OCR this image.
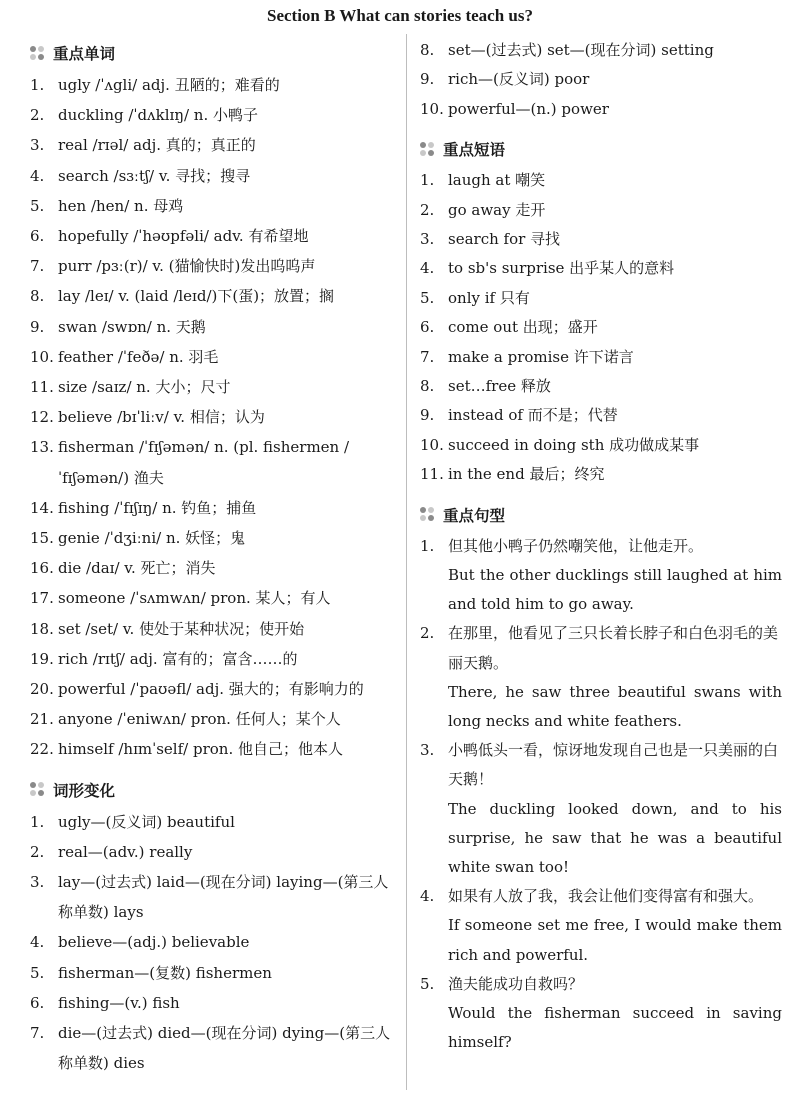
Section B What can stories teach us?
重点单词
1. ugly /ˈʌgli/ adj. 丑陋的；难看的
2. duckling /ˈdʌklɪŋ/ n. 小鸭子
3. real /rɪəl/ adj. 真的；真正的
4. search /sɜːtʃ/ v. 寻找；搜寻
5. hen /hen/ n. 母鸡
6. hopefully /ˈhəʊpfəli/ adv. 有希望地
7. purr /pɜː(r)/ v. (猫愉快时)发出呜呜声
8. lay /leɪ/ v. (laid /leɪd/)下(蛋)；放置；搁
9. swan /swɒn/ n. 天鹅
10. feather /ˈfeðə/ n. 羽毛
11. size /saɪz/ n. 大小；尺寸
12. believe /bɪˈliːv/ v. 相信；认为
13. fisherman /ˈfɪʃəmən/ n. (pl. fishermen /ˈfɪʃəmən/) 渔夫
14. fishing /ˈfɪʃɪŋ/ n. 钓鱼；捕鱼
15. genie /ˈdʒiːni/ n. 妖怪；鬼
16. die /daɪ/ v. 死亡；消失
17. someone /ˈsʌmwʌn/ pron. 某人；有人
18. set /set/ v. 使处于某种状况；使开始
19. rich /rɪtʃ/ adj. 富有的；富含……的
20. powerful /ˈpaʊəfl/ adj. 强大的；有影响力的
21. anyone /ˈeniwʌn/ pron. 任何人；某个人
22. himself /hɪmˈself/ pron. 他自己；他本人
词形变化
1. ugly—(反义词) beautiful
2. real—(adv.) really
3. lay—(过去式) laid—(现在分词) laying—(第三人称单数) lays
4. believe—(adj.) believable
5. fisherman—(复数) fishermen
6. fishing—(v.) fish
7. die—(过去式) died—(现在分词) dying—(第三人称单数) dies
8. set—(过去式) set—(现在分词) setting
9. rich—(反义词) poor
10. powerful—(n.) power
重点短语
1. laugh at 嘲笑
2. go away 走开
3. search for 寻找
4. to sb's surprise 出乎某人的意料
5. only if 只有
6. come out 出现；盛开
7. make a promise 许下诺言
8. set…free 释放
9. instead of 而不是；代替
10. succeed in doing sth 成功做成某事
11. in the end 最后；终究
重点句型
1. 但其他小鸭子仍然嘲笑他，让他走开。
But the other ducklings still laughed at him and told him to go away.
2. 在那里，他看见了三只长着长脖子和白色羽毛的美丽天鹅。
There, he saw three beautiful swans with long necks and white feathers.
3. 小鸭低头一看，惊讶地发现自己也是一只美丽的白天鹅！
The duckling looked down, and to his surprise, he saw that he was a beautiful white swan too!
4. 如果有人放了我，我会让他们变得富有和强大。
If someone set me free, I would make them rich and powerful.
5. 渔夫能成功自救吗？
Would the fisherman succeed in saving himself?
